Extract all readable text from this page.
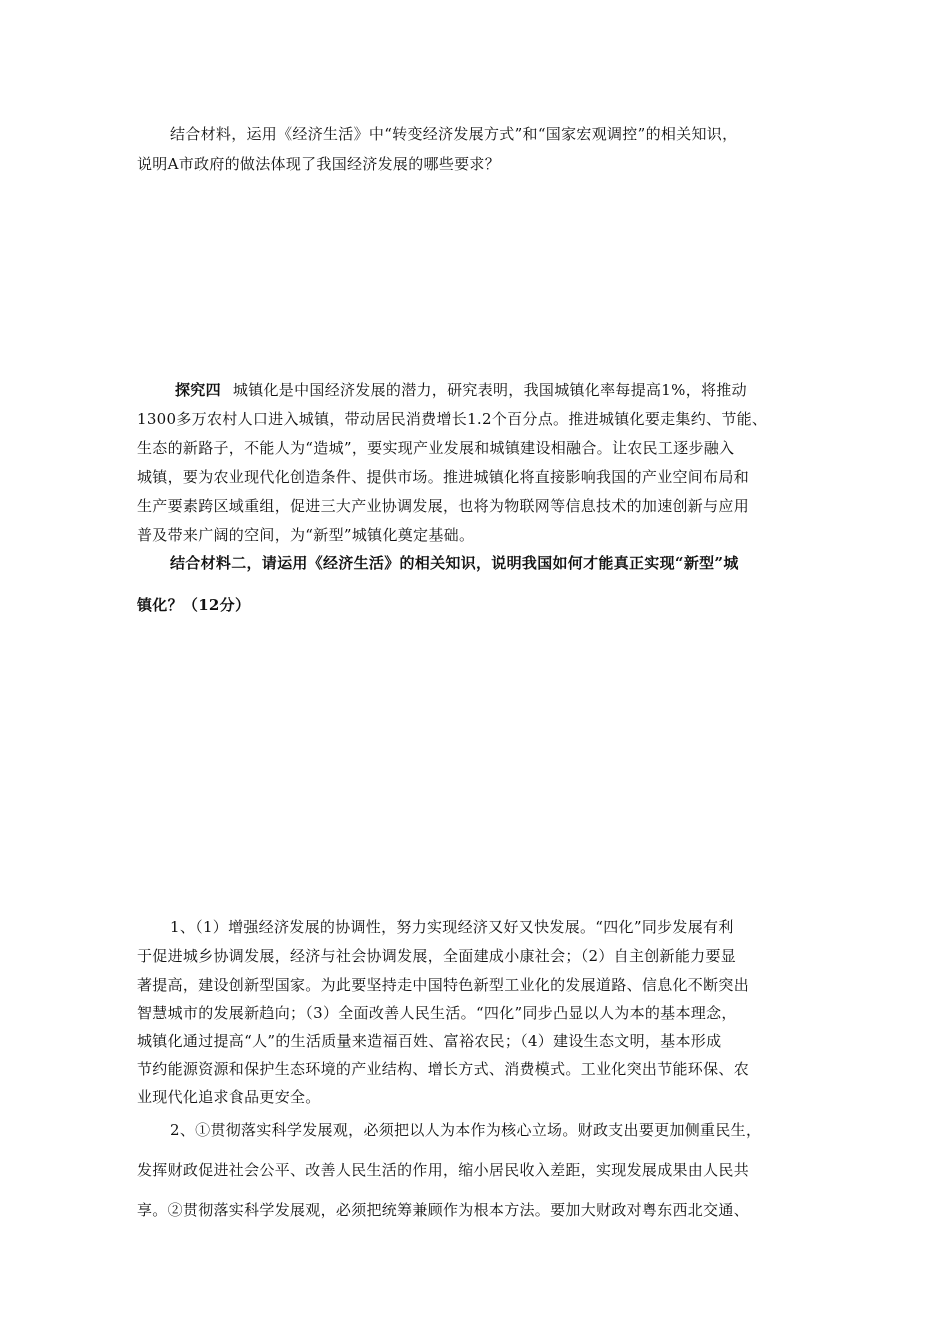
结合材料，运用《经济生活》中“转变经济发展方式”和“国家宏观调控”的相关知识，
说明A市政府的做法体现了我国经济发展的哪些要求？
探究四 城镇化是中国经济发展的潜力，研究表明，我国城镇化率每提高1%，将推动
1300多万农村人口进入城镇，带动居民消费增长1.2个百分点。推进城镇化要走集约、节能、
生态的新路子，不能人为“造城”，要实现产业发展和城镇建设相融合。让农民工逐步融入
城镇，要为农业现代化创造条件、提供市场。推进城镇化将直接影响我国的产业空间布局和
生产要素跨区域重组，促进三大产业协调发展，也将为物联网等信息技术的加速创新与应用
普及带来广阔的空间，为“新型”城镇化奠定基础。
结合材料二，请运用《经济生活》的相关知识，说明我国如何才能真正实现“新型”城
镇化？（12分）
1、（1）增强经济发展的协调性，努力实现经济又好又快发展。“四化”同步发展有利
于促进城乡协调发展，经济与社会协调发展，全面建成小康社会；（2）自主创新能力要显
著提高，建设创新型国家。为此要坚持走中国特色新型工业化的发展道路、信息化不断突出
智慧城市的发展新趋向；（3）全面改善人民生活。“四化”同步凸显以人为本的基本理念，
城镇化通过提高“人”的生活质量来造福百姓、富裕农民；（4）建设生态文明，基本形成
节约能源资源和保护生态环境的产业结构、增长方式、消费模式。工业化突出节能环保、农
业现代化追求食品更安全。
2、①贯彻落实科学发展观，必须把以人为本作为核心立场。财政支出要更加侧重民生，
发挥财政促进社会公平、改善人民生活的作用，缩小居民收入差距，实现发展成果由人民共
享。②贯彻落实科学发展观，必须把统筹兼顾作为根本方法。要加大财政对粤东西北交通、
